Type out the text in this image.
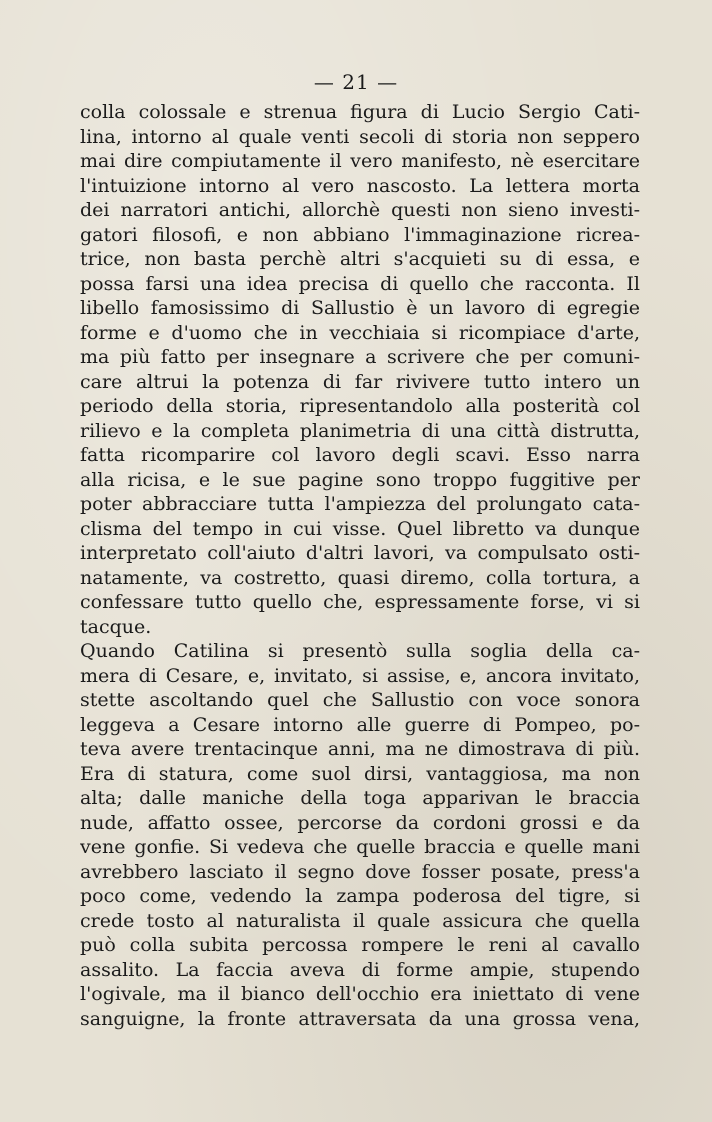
— 21 —
colla colossale e strenua figura di Lucio Sergio Cati-
lina, intorno al quale venti secoli di storia non seppero
mai dire compiutamente il vero manifesto, nè esercitare
l'intuizione intorno al vero nascosto. La lettera morta
dei narratori antichi, allorchè questi non sieno investi-
gatori filosofi, e non abbiano l'immaginazione ricrea-
trice, non basta perchè altri s'acquieti su di essa, e
possa farsi una idea precisa di quello che racconta. Il
libello famosissimo di Sallustio è un lavoro di egregie
forme e d'uomo che in vecchiaia si ricompiace d'arte,
ma più fatto per insegnare a scrivere che per comuni-
care altrui la potenza di far rivivere tutto intero un
periodo della storia, ripresentandolo alla posterità col
rilievo e la completa planimetria di una città distrutta,
fatta ricomparire col lavoro degli scavi. Esso narra
alla ricisa, e le sue pagine sono troppo fuggitive per
poter abbracciare tutta l'ampiezza del prolungato cata-
clisma del tempo in cui visse. Quel libretto va dunque
interpretato coll'aiuto d'altri lavori, va compulsato osti-
natamente, va costretto, quasi diremo, colla tortura, a
confessare tutto quello che, espressamente forse, vi si
tacque.
Quando Catilina si presentò sulla soglia della ca-
mera di Cesare, e, invitato, si assise, e, ancora invitato,
stette ascoltando quel che Sallustio con voce sonora
leggeva a Cesare intorno alle guerre di Pompeo, po-
teva avere trentacinque anni, ma ne dimostrava di più.
Era di statura, come suol dirsi, vantaggiosa, ma non
alta; dalle maniche della toga apparivan le braccia
nude, affatto ossee, percorse da cordoni grossi e da
vene gonfie. Si vedeva che quelle braccia e quelle mani
avrebbero lasciato il segno dove fosser posate, press'a
poco come, vedendo la zampa poderosa del tigre, si
crede tosto al naturalista il quale assicura che quella
può colla subita percossa rompere le reni al cavallo
assalito. La faccia aveva di forme ampie, stupendo
l'ogivale, ma il bianco dell'occhio era iniettato di vene
sanguigne, la fronte attraversata da una grossa vena,
